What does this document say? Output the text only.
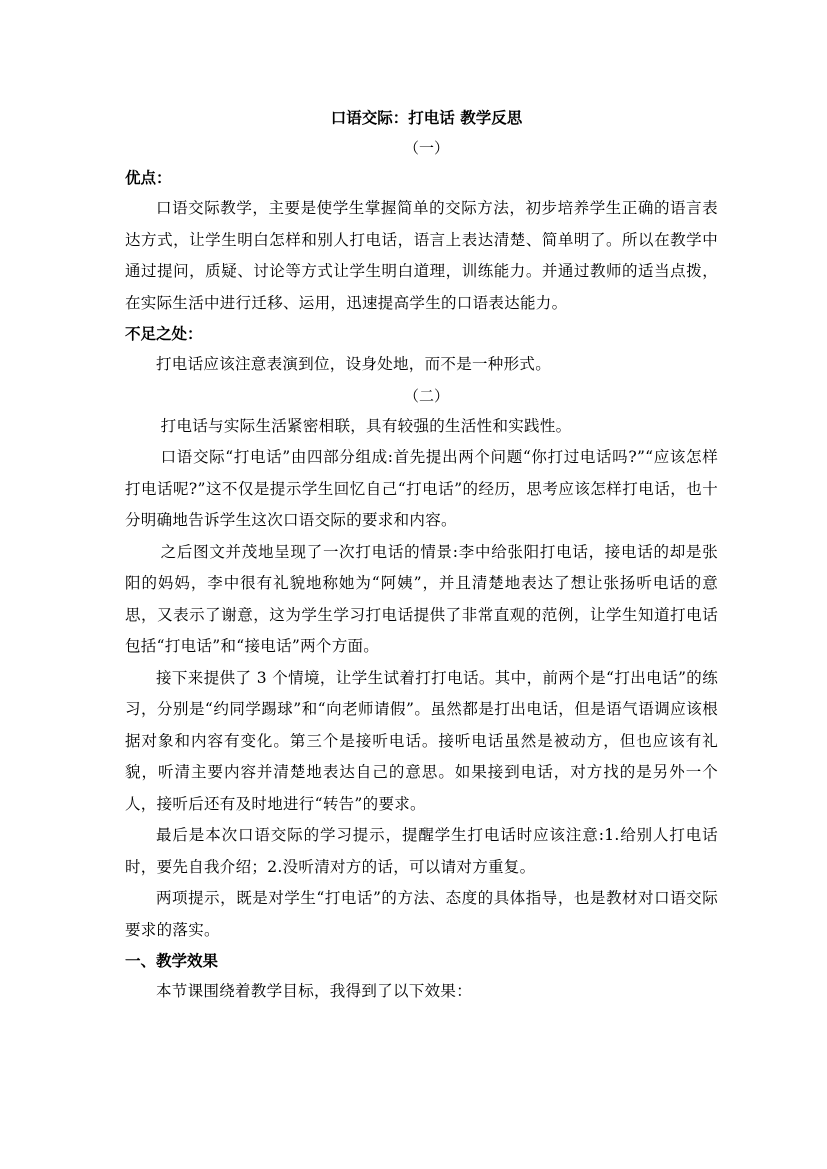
口语交际：打电话 教学反思

（一）

优点：

口语交际教学，主要是使学生掌握简单的交际方法，初步培养学生正确的语言表达方式，让学生明白怎样和别人打电话，语言上表达清楚、简单明了。所以在教学中通过提问，质疑、讨论等方式让学生明白道理，训练能力。并通过教师的适当点拨，在实际生活中进行迁移、运用，迅速提高学生的口语表达能力。

不足之处：

打电话应该注意表演到位，设身处地，而不是一种形式。

（二）

打电话与实际生活紧密相联，具有较强的生活性和实践性。

口语交际“打电话”由四部分组成:首先提出两个问题“你打过电话吗?”“应该怎样打电话呢?”这不仅是提示学生回忆自己“打电话”的经历，思考应该怎样打电话，也十分明确地告诉学生这次口语交际的要求和内容。

之后图文并茂地呈现了一次打电话的情景:李中给张阳打电话，接电话的却是张阳的妈妈，李中很有礼貌地称她为“阿姨”，并且清楚地表达了想让张扬听电话的意思，又表示了谢意，这为学生学习打电话提供了非常直观的范例，让学生知道打电话包括“打电话”和“接电话”两个方面。

接下来提供了 3 个情境，让学生试着打打电话。其中，前两个是“打出电话”的练习，分别是“约同学踢球”和“向老师请假”。虽然都是打出电话，但是语气语调应该根据对象和内容有变化。第三个是接听电话。接听电话虽然是被动方，但也应该有礼貌，听清主要内容并清楚地表达自己的意思。如果接到电话，对方找的是另外一个人，接听后还有及时地进行“转告”的要求。

最后是本次口语交际的学习提示，提醒学生打电话时应该注意:1.给别人打电话时，要先自我介绍；2.没听清对方的话，可以请对方重复。

两项提示，既是对学生“打电话”的方法、态度的具体指导，也是教材对口语交际要求的落实。

一、教学效果

本节课围绕着教学目标，我得到了以下效果：
